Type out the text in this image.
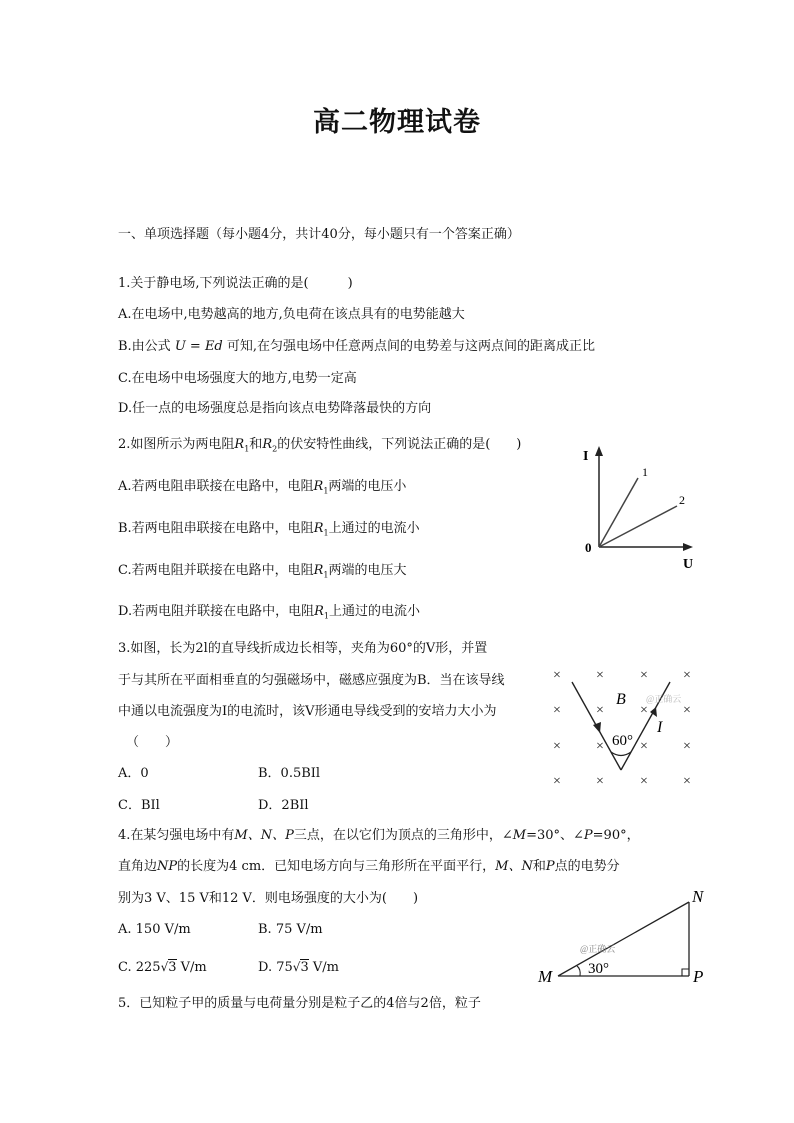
高二物理试卷
一、单项选择题（每小题4分，共计40分，每小题只有一个答案正确）
1.关于静电场,下列说法正确的是(　　　)
A.在电场中,电势越高的地方,负电荷在该点具有的电势能越大
B.由公式 U = Ed 可知,在匀强电场中任意两点间的电势差与这两点间的距离成正比
C.在电场中电场强度大的地方,电势一定高
D.任一点的电场强度总是指向该点电势降落最快的方向
2.如图所示为两电阻$R_1$和$R_2$的伏安特性曲线，下列说法正确的是(　　)
A.若两电阻串联接在电路中，电阻$R_1$两端的电压小
B.若两电阻串联接在电路中，电阻$R_1$上通过的电流小
C.若两电阻并联接在电路中，电阻$R_1$两端的电压大
D.若两电阻并联接在电路中，电阻$R_1$上通过的电流小
I
U
0
1
2
3.如图，长为2l的直导线折成边长相等，夹角为60°的V形，并置
于与其所在平面相垂直的匀强磁场中，磁感应强度为B．当在该导线
中通以电流强度为I的电流时，该V形通电导线受到的安培力大小为
（　　）
A．0	B．0.5BIl
C．BIl	D．2BIl
×	×	×	×
×	×	×	×
×	×	×	×
×	×	×	×
60°
B
I
@正确云
4.在某匀强电场中有M、N、P三点，在以它们为顶点的三角形中，∠M=30°、∠P=90°，
直角边NP的长度为4 cm．已知电场方向与三角形所在平面平行，M、N和P点的电势分
别为3 V、15 V和12 V．则电场强度的大小为(　　)
A. 150 V/m	B. 75 V/m
C. 225√3 V/m	D. 75√3 V/m	30°
M
N
P
@正确云
5．已知粒子甲的质量与电荷量分别是粒子乙的4倍与2倍，粒子
